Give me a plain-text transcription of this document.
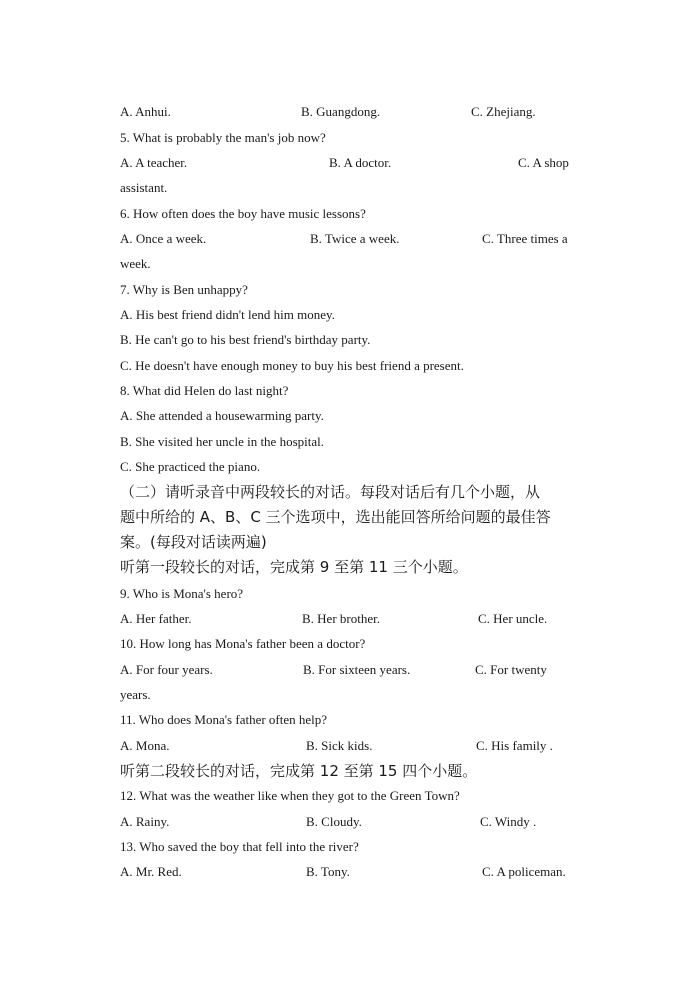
A. Anhui.	B. Guangdong.	C. Zhejiang.
5. What is probably the man's job now?
A. A teacher.	B. A doctor.	C. A shop
assistant.
6. How often does the boy have music lessons?
A. Once a week.	B. Twice a week.	C. Three times a
week.
7. Why is Ben unhappy?
A. His best friend didn't lend him money.
B. He can't go to his best friend's birthday party.
C. He doesn't have enough money to buy his best friend a present.
8. What did Helen do last night?
A. She attended a housewarming party.
B. She visited her uncle in the hospital.
C. She practiced the piano.
（二）请听录音中两段较长的对话。每段对话后有几个小题，从
题中所给的 A、B、C 三个选项中，选出能回答所给问题的最佳答
案。(每段对话读两遍)
听第一段较长的对话，完成第 9 至第 11 三个小题。
9. Who is Mona's hero?
A. Her father.	B. Her brother.	C. Her uncle.
10. How long has Mona's father been a doctor?
A. For four years.	B. For sixteen years.	C. For twenty
years.
11. Who does Mona's father often help?
A. Mona.	B. Sick kids.	C. His family .
听第二段较长的对话，完成第 12 至第 15 四个小题。
12. What was the weather like when they got to the Green Town?
A. Rainy.	B. Cloudy.	C. Windy .
13. Who saved the boy that fell into the river?
A. Mr. Red.	B. Tony.	C. A policeman.
